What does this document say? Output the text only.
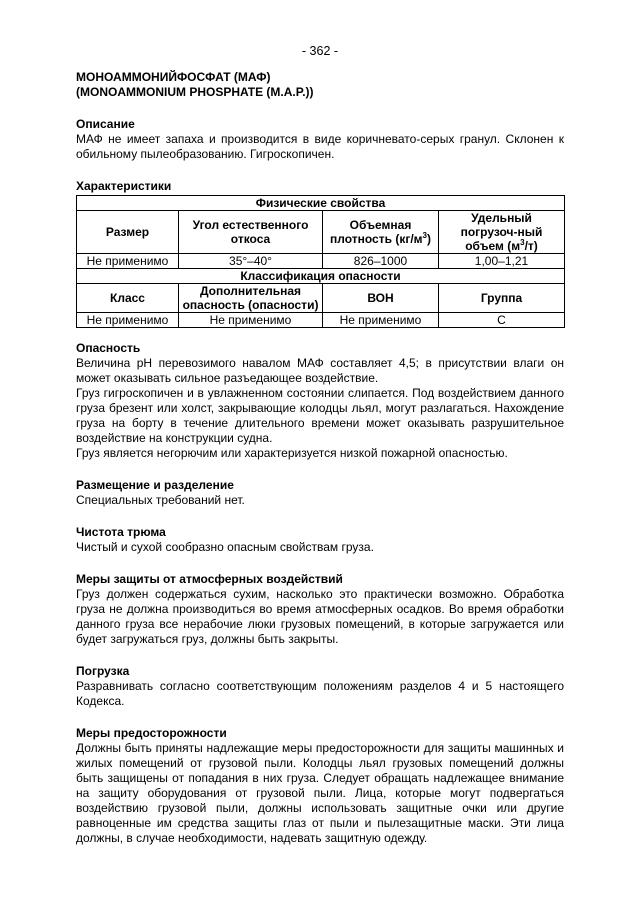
- 362 -
МОНОАММОНИЙФОСФАТ (МАФ)
(MONOAMMONIUM PHOSPHATE (M.A.P.))
Описание

МАФ не имеет запаха и производится в виде коричневато-серых гранул. Склонен к обильному пылеобразованию. Гигроскопичен.

Характеристики
Физические свойства			
Размер	Угол естественного откоса	Объемная плотность $(кг/м^3)$	Удельный погрузоч-ный объем $(м^3/т)$
Не применимо	35°–40°	826–1000	1,00–1,21
Классификация опасности			
Класс	Дополнительная опасность (опасности)	ВОН	Группа
Не применимо	Не применимо	Не применимо	С
Опасность

Величина pH перевозимого навалом МАФ составляет 4,5; в присутствии влаги он может оказывать сильное разъедающее воздействие.

Груз гигроскопичен и в увлажненном состоянии слипается. Под воздействием данного груза брезент или холст, закрывающие колодцы льял, могут разлагаться. Нахождение груза на борту в течение длительного времени может оказывать разрушительное воздействие на конструкции судна.

Груз является негорючим или характеризуется низкой пожарной опасностью.

Размещение и разделение

Специальных требований нет.

Чистота трюма

Чистый и сухой сообразно опасным свойствам груза.

Меры защиты от атмосферных воздействий

Груз должен содержаться сухим, насколько это практически возможно. Обработка груза не должна производиться во время атмосферных осадков. Во время обработки данного груза все нерабочие люки грузовых помещений, в которые загружается или будет загружаться груз, должны быть закрыты.

Погрузка

Разравнивать согласно соответствующим положениям разделов 4 и 5 настоящего Кодекса.

Меры предосторожности

Должны быть приняты надлежащие меры предосторожности для защиты машинных и жилых помещений от грузовой пыли. Колодцы льял грузовых помещений должны быть защищены от попадания в них груза. Следует обращать надлежащее внимание на защиту оборудования от грузовой пыли. Лица, которые могут подвергаться воздействию грузовой пыли, должны использовать защитные очки или другие равноценные им средства защиты глаз от пыли и пылезащитные маски. Эти лица должны, в случае необходимости, надевать защитную одежду.
